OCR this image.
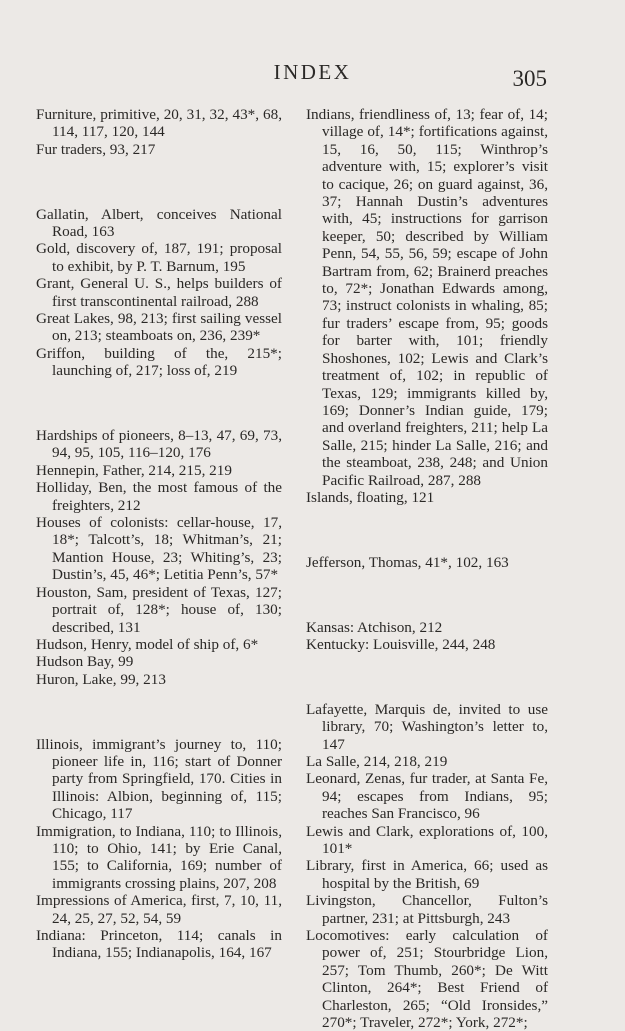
INDEX	305

Furniture, primitive, 20, 31, 32, 43*, 68, 114, 117, 120, 144

Fur traders, 93, 217

Gallatin, Albert, conceives National Road, 163

Gold, discovery of, 187, 191; proposal to exhibit, by P. T. Barnum, 195

Grant, General U. S., helps builders of first transcontinental railroad, 288

Great Lakes, 98, 213; first sailing vessel on, 213; steamboats on, 236, 239*

Griffon, building of the, 215*; launching of, 217; loss of, 219

Hardships of pioneers, 8–13, 47, 69, 73, 94, 95, 105, 116–120, 176

Hennepin, Father, 214, 215, 219

Holliday, Ben, the most famous of the freighters, 212

Houses of colonists: cellar-house, 17, 18*; Talcott’s, 18; Whitman’s, 21; Mantion House, 23; Whiting’s, 23; Dustin’s, 45, 46*; Letitia Penn’s, 57*

Houston, Sam, president of Texas, 127; portrait of, 128*; house of, 130; described, 131

Hudson, Henry, model of ship of, 6*

Hudson Bay, 99

Huron, Lake, 99, 213

Illinois, immigrant’s journey to, 110; pioneer life in, 116; start of Donner party from Springfield, 170. Cities in Illinois: Albion, beginning of, 115; Chicago, 117

Immigration, to Indiana, 110; to Illinois, 110; to Ohio, 141; by Erie Canal, 155; to California, 169; number of immigrants crossing plains, 207, 208

Impressions of America, first, 7, 10, 11, 24, 25, 27, 52, 54, 59

Indiana: Princeton, 114; canals in Indiana, 155; Indianapolis, 164, 167

Indians, friendliness of, 13; fear of, 14; village of, 14*; fortifications against, 15, 16, 50, 115; Winthrop’s adventure with, 15; explorer’s visit to cacique, 26; on guard against, 36, 37; Hannah Dustin’s adventures with, 45; instructions for garrison keeper, 50; described by William Penn, 54, 55, 56, 59; escape of John Bartram from, 62; Brainerd preaches to, 72*; Jonathan Edwards among, 73; instruct colonists in whaling, 85; fur traders’ escape from, 95; goods for barter with, 101; friendly Shoshones, 102; Lewis and Clark’s treatment of, 102; in republic of Texas, 129; immigrants killed by, 169; Donner’s Indian guide, 179; and overland freighters, 211; help La Salle, 215; hinder La Salle, 216; and the steamboat, 238, 248; and Union Pacific Railroad, 287, 288

Islands, floating, 121

Jefferson, Thomas, 41*, 102, 163

Kansas: Atchison, 212

Kentucky: Louisville, 244, 248

Lafayette, Marquis de, invited to use library, 70; Washington’s letter to, 147

La Salle, 214, 218, 219

Leonard, Zenas, fur trader, at Santa Fe, 94; escapes from Indians, 95; reaches San Francisco, 96

Lewis and Clark, explorations of, 100, 101*

Library, first in America, 66; used as hospital by the British, 69

Livingston, Chancellor, Fulton’s partner, 231; at Pittsburgh, 243

Locomotives: early calculation of power of, 251; Stourbridge Lion, 257; Tom Thumb, 260*; De Witt Clinton, 264*; Best Friend of Charleston, 265; “Old Ironsides,” 270*; Traveler, 272*; York, 272*;
